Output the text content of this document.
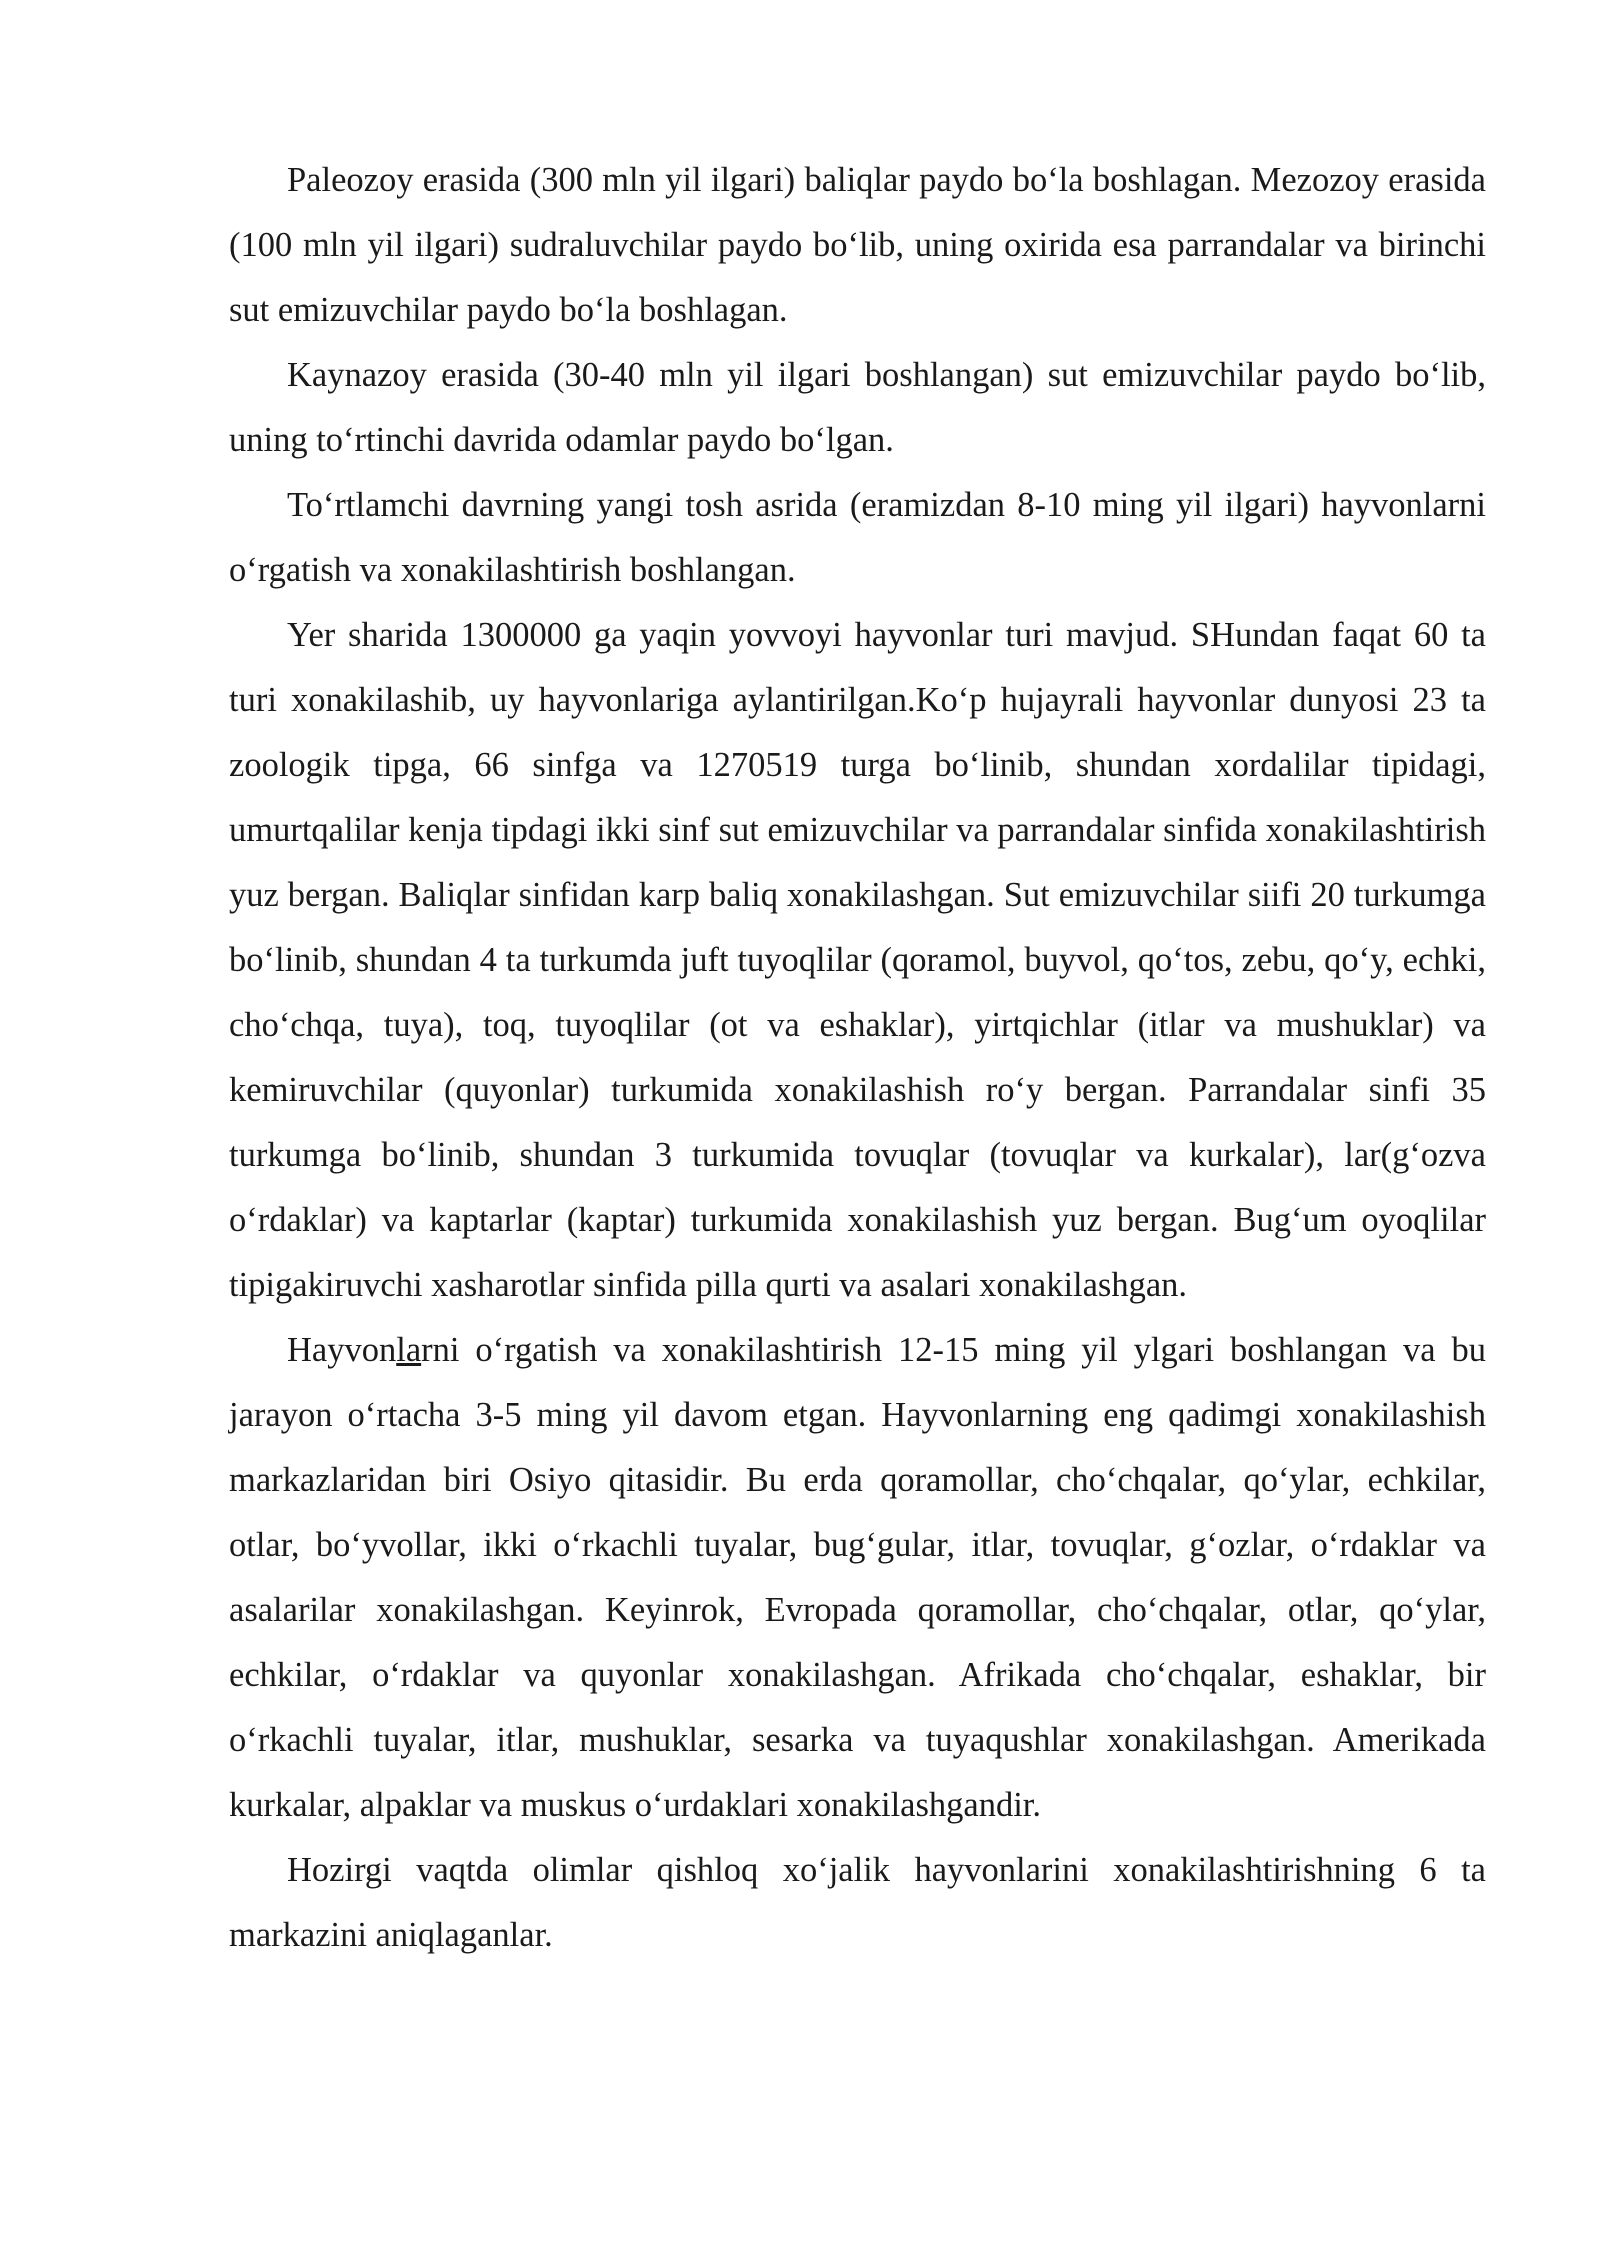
Paleozoy erasida (300 mln yil ilgari) baliqlar paydo bo‘la boshlagan. Mezozoy erasida (100 mln yil ilgari) sudraluvchilar paydo bo‘lib, uning oxirida esa parrandalar va birinchi sut emizuvchilar paydo bo‘la boshlagan.

Kaynazoy erasida (30-40 mln yil ilgari boshlangan) sut emizuvchilar paydo bo‘lib, uning to‘rtinchi davrida odamlar paydo bo‘lgan.

To‘rtlamchi davrning yangi tosh asrida (eramizdan 8-10 ming yil ilgari) hayvonlarni o‘rgatish va xonakilashtirish boshlangan.

Yer sharida 1300000 ga yaqin yovvoyi hayvonlar turi mavjud. SHundan faqat 60 ta turi xonakilashib, uy hayvonlariga aylantirilgan.Ko‘p hujayrali hayvonlar dunyosi 23 ta zoologik tipga, 66 sinfga va 1270519 turga bo‘linib, shundan xordalilar tipidagi, umurtqalilar kenja tipdagi ikki sinf sut emizuvchilar va parrandalar sinfida xonakilashtirish yuz bergan. Baliqlar sinfidan karp baliq xonakilashgan. Sut emizuvchilar siifi 20 turkumga bo‘linib, shundan 4 ta turkumda juft tuyoqlilar (qoramol, buyvol, qo‘tos, zebu, qo‘y, echki, cho‘chqa, tuya), toq, tuyoqlilar (ot va eshaklar), yirtqichlar (itlar va mushuklar) va kemiruvchilar (quyonlar) turkumida xonakilashish ro‘y bergan. Parrandalar sinfi 35 turkumga bo‘linib, shundan 3 turkumida tovuqlar (tovuqlar va kurkalar), lar(g‘ozva o‘rdaklar) va kaptarlar (kaptar) turkumida xonakilashish yuz bergan. Bug‘um oyoqlilar tipigakiruvchi xasharotlar sinfida pilla qurti va asalari xonakilashgan.

Hayvonlarni o‘rgatish va xonakilashtirish 12-15 ming yil ylgari boshlangan va bu jarayon o‘rtacha 3-5 ming yil davom etgan. Hayvonlarning eng qadimgi xonakilashish markazlaridan biri Osiyo qitasidir. Bu erda qoramollar, cho‘chqalar, qo‘ylar, echkilar, otlar, bo‘yvollar, ikki o‘rkachli tuyalar, bug‘gular, itlar, tovuqlar, g‘ozlar, o‘rdaklar va asalarilar xonakilashgan. Keyinrok, Evropada qoramollar, cho‘chqalar, otlar, qo‘ylar, echkilar, o‘rdaklar va quyonlar xonakilashgan. Afrikada cho‘chqalar, eshaklar, bir o‘rkachli tuyalar, itlar, mushuklar, sesarka va tuyaqushlar xonakilashgan. Amerikada kurkalar, alpaklar va muskus o‘urdaklari xonakilashgandir.

Hozirgi vaqtda olimlar qishloq xo‘jalik hayvonlarini xonakilashtirishning 6 ta markazini aniqlaganlar.
